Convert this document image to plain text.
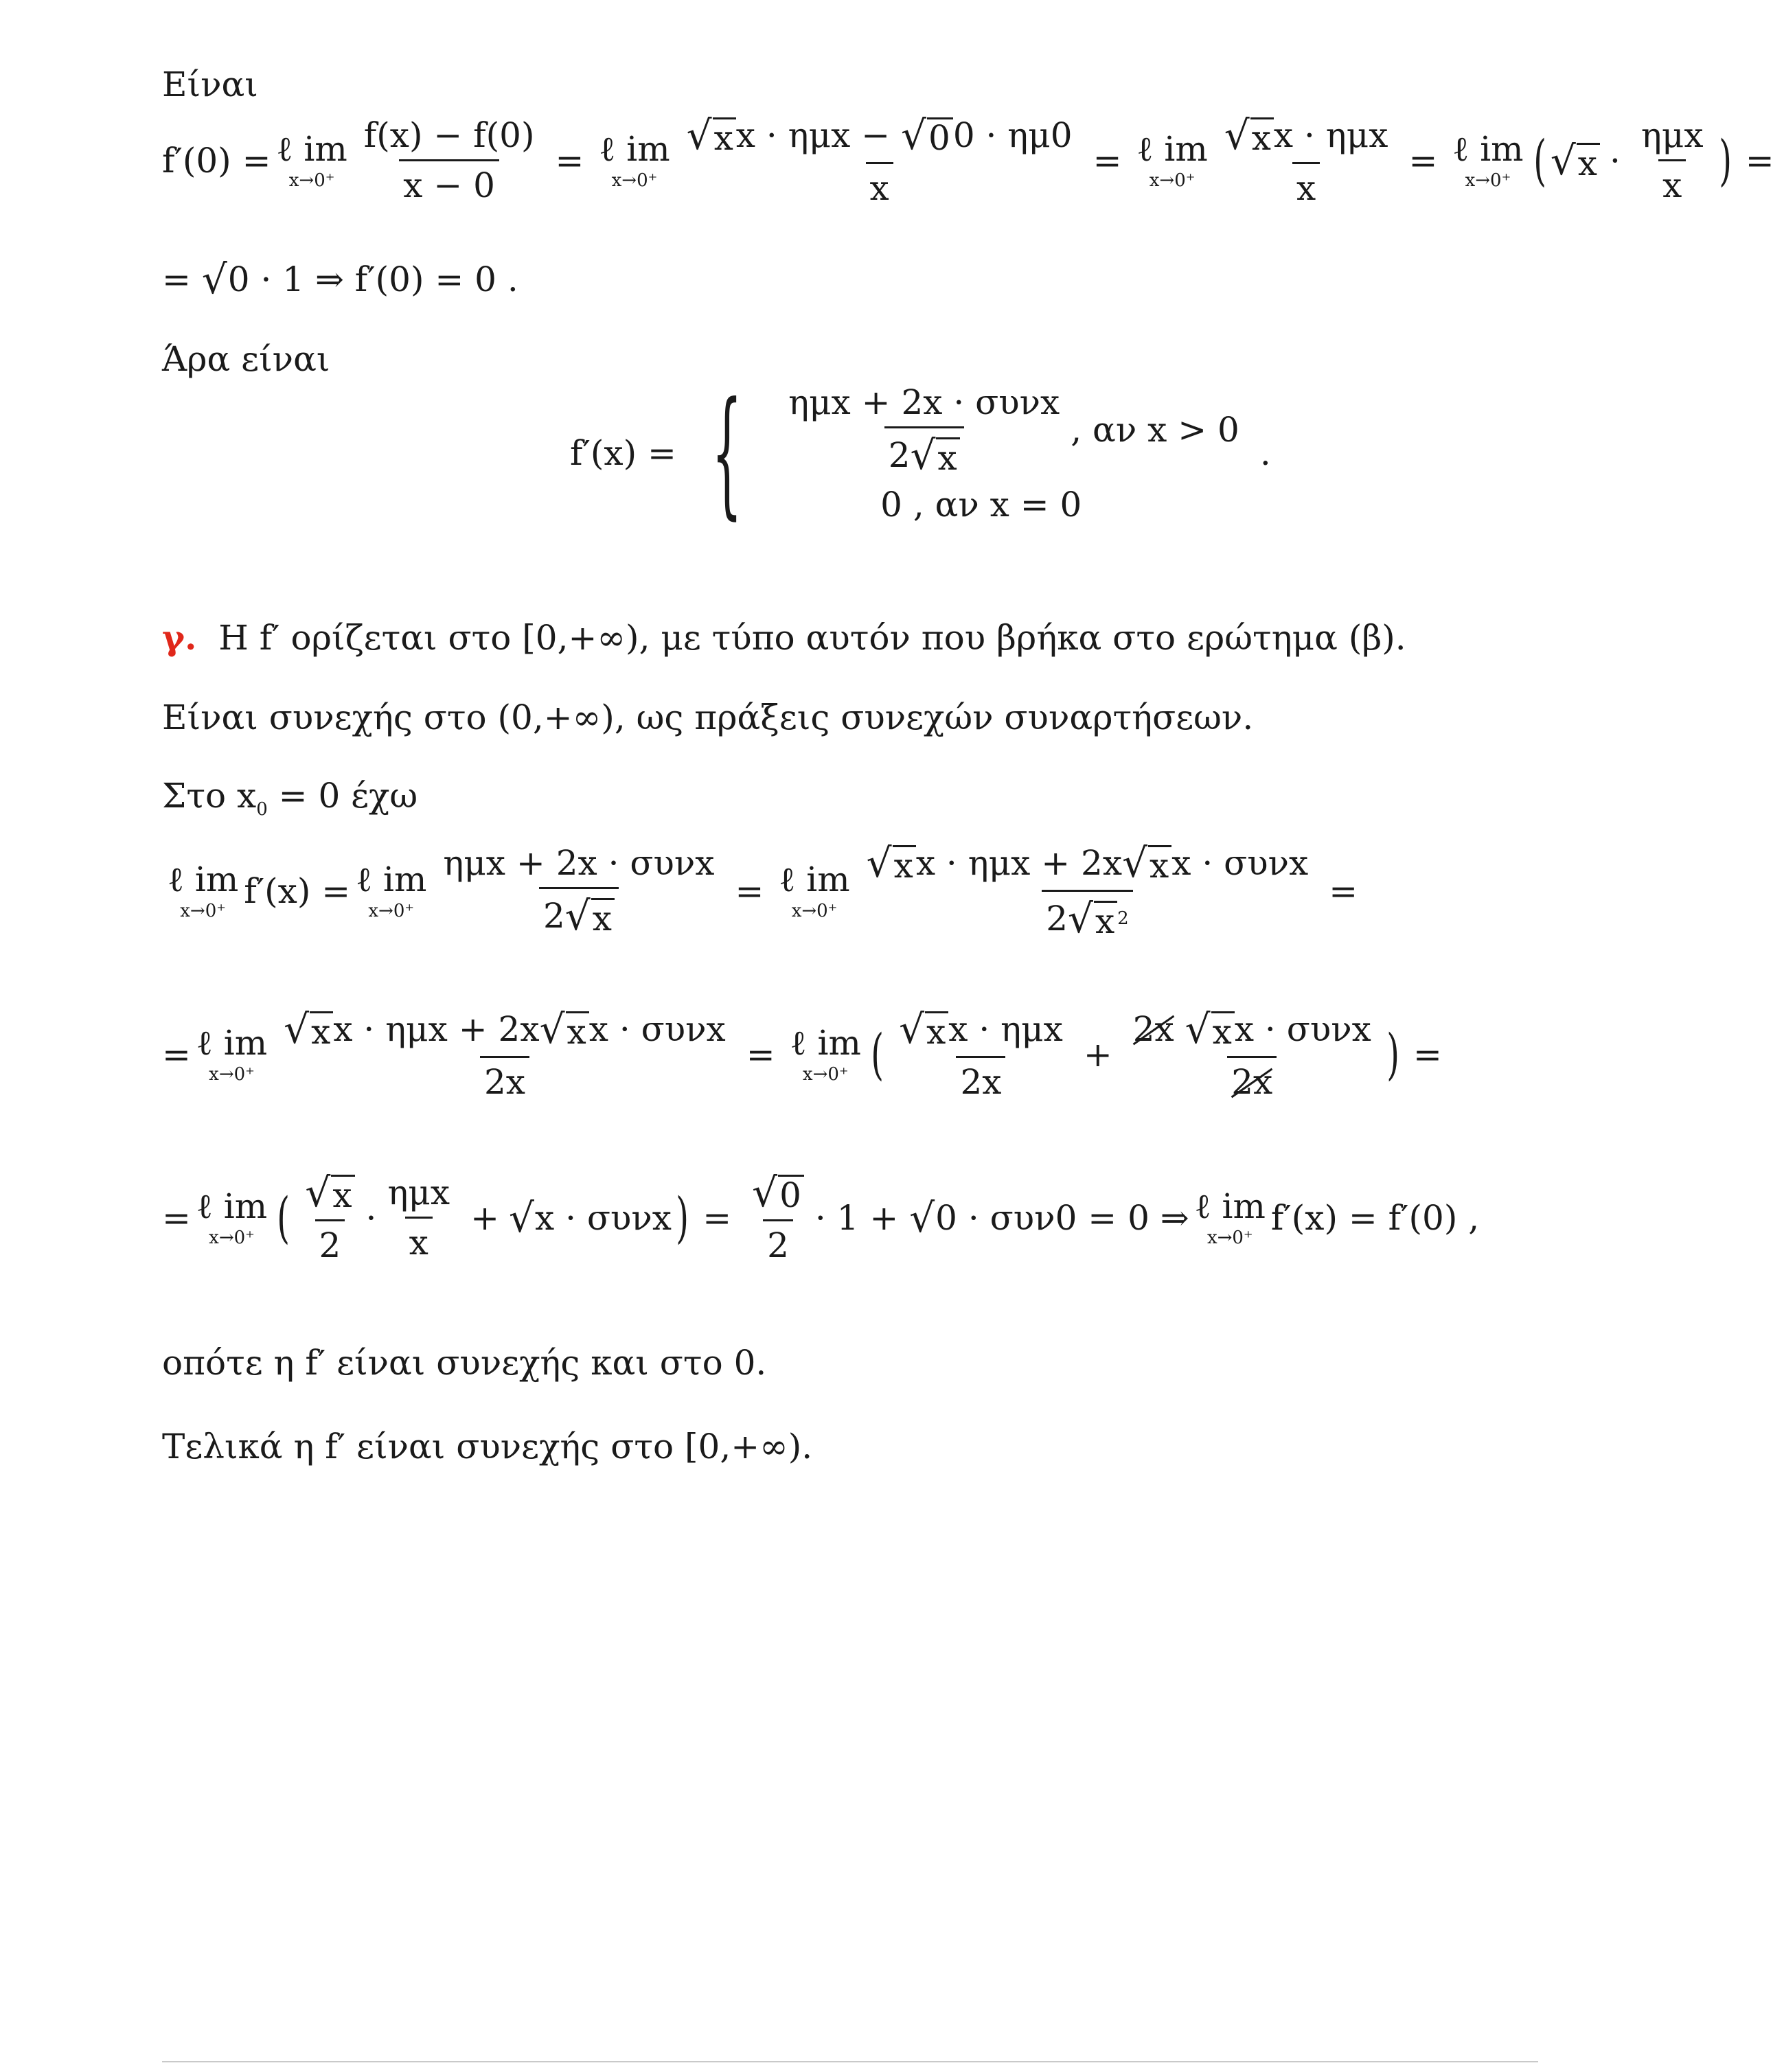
Είναι
f′(0) = ℓ im
$x\to 0^+ \frac{f(x) - f(0)}{x - 0}$ = ℓ im
x→0⁺ √ x x · ημx −
√ 0 0 · ημ0
x = ℓ im
$x\to 0^+ \frac{\text{√ x x · ημx}}{x}$ = ℓ im
x→0⁺ ( √ $x \cdot \frac{\text{ημx}}{x}$ ) =
=
√ 0 · 1 ⇒ f′(0) = 0 .
Άρα είναι
f′(x) = { $\frac{\text{ημx + 2x · συνx}}{2 √ x}$ , αν x > 0
0 , αν x = 0
.
γ. Η f′ ορίζεται στο [0,+∞), με τύπο αυτόν που βρήκα στο ερώτημα (β).
Είναι συνεχής στο (0,+∞), ως πράξεις συνεχών συναρτήσεων.
Στο $x_0 = 0$ έχω
ℓ im
x→0⁺ f′(x) = ℓ im
$x\to 0^+ \frac{\text{ημx + 2x · συνx}}{2 √ x}$ = ℓ im
$x\to 0^+ \frac{\text{√ x x · ημx + 2x √ x x · συνx}}{2 √ x 2}$ =
= ℓ im
$x\to 0^+ \frac{\text{√ x x · ημx + 2x √ x x · συνx}}{2x}$ = ℓ im
x→0⁺ ( $\frac{\text{√ x x · ημx}}{2x} + 2x$
√ x x · συνx
2x ) =
= ℓ im
x→0⁺ ( $\frac{√ x}{2} \cdot \frac{\text{ημx}}{x}$ + √ x · συνx ) = $\frac{√ 0}{2} \cdot 1$ +
√ 0 · συν0 = 0 ⇒ ℓ im
x→0⁺ f′(x) = f′(0) ,
οπότε η f′ είναι συνεχής και στο 0.
Τελικά η f′ είναι συνεχής στο [0,+∞).
